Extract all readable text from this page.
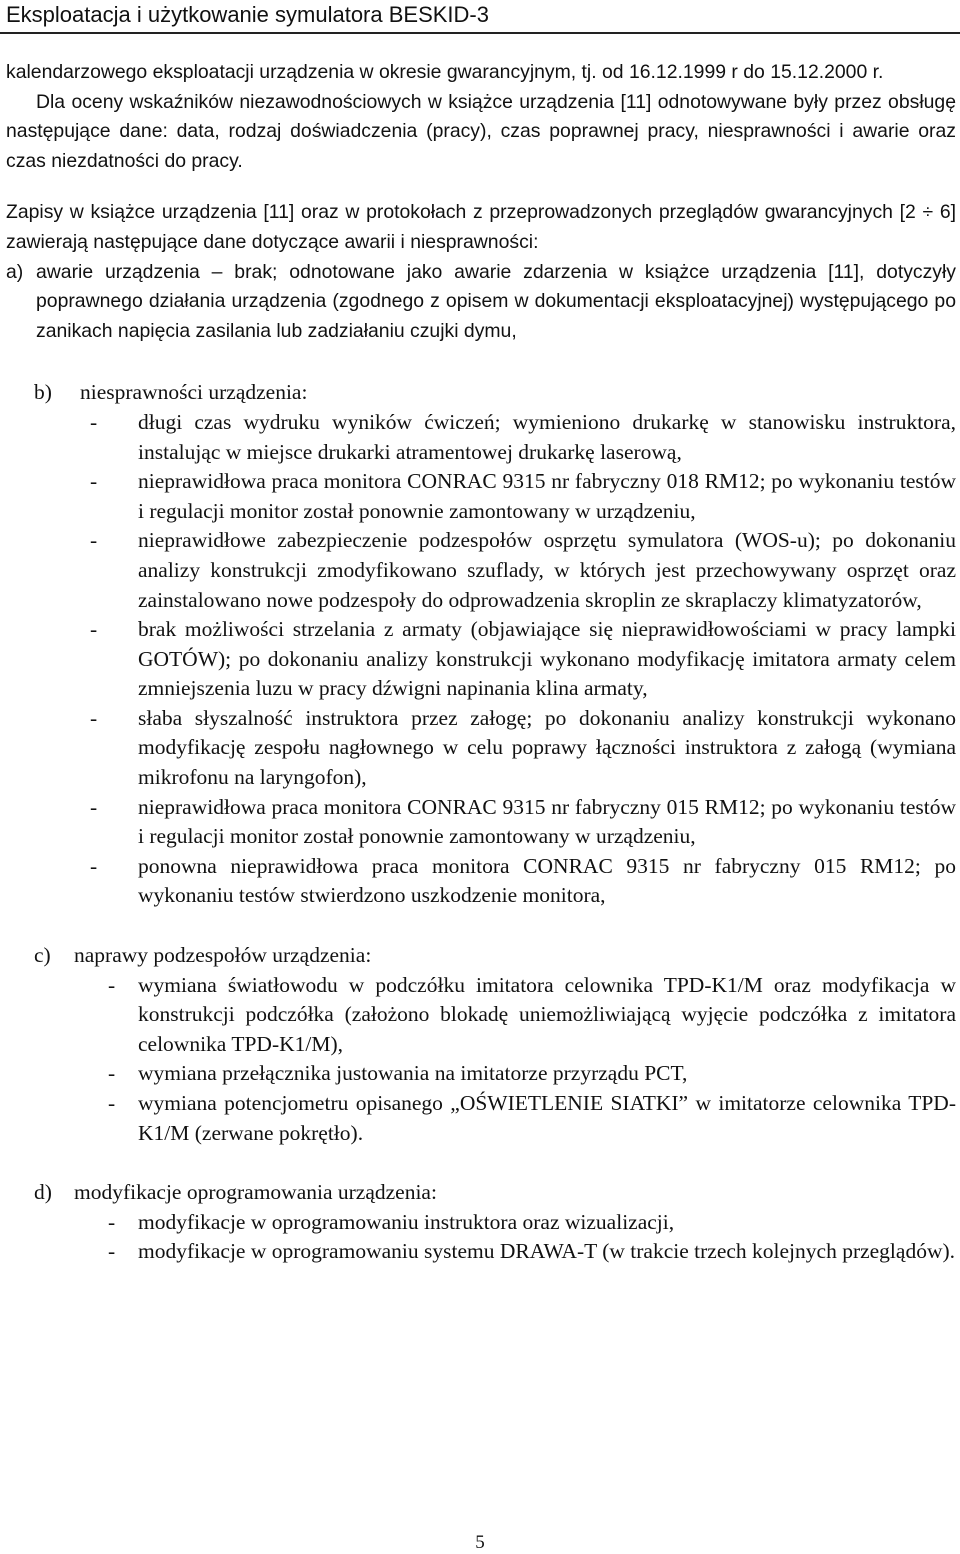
Eksploatacja i użytkowanie symulatora BESKID-3
kalendarzowego eksploatacji urządzenia w okresie gwarancyjnym, tj. od 16.12.1999 r do 15.12.2000 r.
Dla oceny wskaźników niezawodnościowych w książce urządzenia [11] odnotowywane były przez obsługę następujące dane: data, rodzaj doświadczenia (pracy), czas poprawnej pracy, niesprawności i awarie oraz czas niezdatności do pracy.
Zapisy w książce urządzenia [11] oraz w protokołach z przeprowadzonych przeglądów gwarancyjnych [2 ÷ 6] zawierają następujące dane dotyczące awarii i niesprawności:
a) awarie urządzenia – brak; odnotowane jako awarie zdarzenia w książce urządzenia [11], dotyczyły poprawnego działania urządzenia (zgodnego z opisem w dokumentacji eksploatacyjnej) występującego po zanikach napięcia zasilania lub zadziałaniu czujki dymu,
b) niesprawności urządzenia:
- długi czas wydruku wyników ćwiczeń; wymieniono drukarkę w stanowisku instruktora, instalując w miejsce drukarki atramentowej drukarkę laserową,
- nieprawidłowa praca monitora CONRAC 9315 nr fabryczny 018 RM12; po wykonaniu testów i regulacji monitor został ponownie zamontowany w urządzeniu,
- nieprawidłowe zabezpieczenie podzespołów osprzętu symulatora (WOS-u); po dokonaniu analizy konstrukcji zmodyfikowano szuflady, w których jest przechowywany osprzęt oraz zainstalowano nowe podzespoły do odprowadzenia skroplin ze skraplaczy klimatyzatorów,
- brak możliwości strzelania z armaty (objawiające się nieprawidłowościami w pracy lampki GOTÓW); po dokonaniu analizy konstrukcji wykonano modyfikację imitatora armaty celem zmniejszenia luzu w pracy dźwigni napinania klina armaty,
- słaba słyszalność instruktora przez załogę; po dokonaniu analizy konstrukcji wykonano modyfikację zespołu nagłownego w celu poprawy łączności instruktora z załogą (wymiana mikrofonu na laryngofon),
- nieprawidłowa praca monitora CONRAC 9315 nr fabryczny 015 RM12; po wykonaniu testów i regulacji monitor został ponownie zamontowany w urządzeniu,
- ponowna nieprawidłowa praca monitora CONRAC 9315 nr fabryczny 015 RM12; po wykonaniu testów stwierdzono uszkodzenie monitora,
c) naprawy podzespołów urządzenia:
- wymiana światłowodu w podczółku imitatora celownika TPD-K1/M oraz modyfikacja w konstrukcji podczółka (założono blokadę uniemożliwiającą wyjęcie podczółka z imitatora celownika TPD-K1/M),
- wymiana przełącznika justowania na imitatorze przyrządu PCT,
- wymiana potencjometru opisanego „OŚWIETLENIE SIATKI” w imitatorze celownika TPD-K1/M (zerwane pokrętło).
d) modyfikacje oprogramowania urządzenia:
- modyfikacje w oprogramowaniu instruktora oraz wizualizacji,
- modyfikacje w oprogramowaniu systemu DRAWA-T (w trakcie trzech kolejnych przeglądów).
5
